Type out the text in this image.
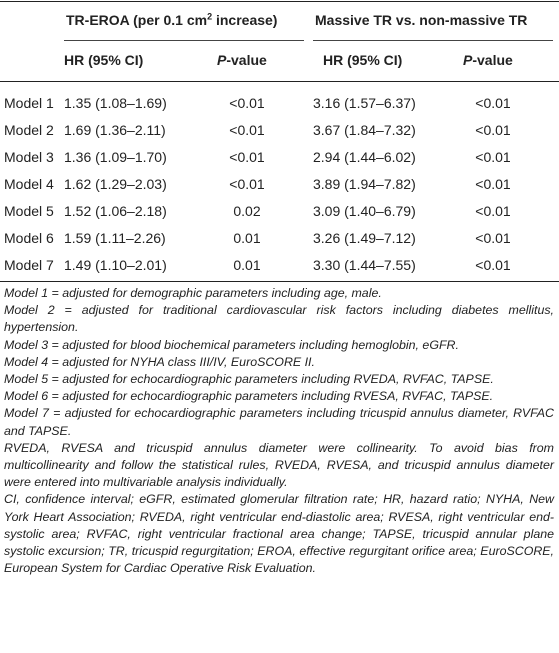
TR-EROA (per 0.1 $cm^2$ increase)	Massive TR vs. non-massive TR
HR (95% CI)	P-value	HR (95% CI)	P-value
Model 1 1.35 (1.08–1.69)	<0.01	3.16 (1.57–6.37)	<0.01
Model 2 1.69 (1.36–2.11)	<0.01	3.67 (1.84–7.32)	<0.01
Model 3 1.36 (1.09–1.70)	<0.01	2.94 (1.44–6.02)	<0.01
Model 4 1.62 (1.29–2.03)	<0.01	3.89 (1.94–7.82)	<0.01
Model 5 1.52 (1.06–2.18)	0.02	3.09 (1.40–6.79)	<0.01
Model 6 1.59 (1.11–2.26)	0.01	3.26 (1.49–7.12)	<0.01
Model 7 1.49 (1.10–2.01)	0.01	3.30 (1.44–7.55)	<0.01

Model 1 = adjusted for demographic parameters including age, male.

Model 2 = adjusted for traditional cardiovascular risk factors including diabetes mellitus, hypertension.

Model 3 = adjusted for blood biochemical parameters including hemoglobin, eGFR.

Model 4 = adjusted for NYHA class III/IV, EuroSCORE II.

Model 5 = adjusted for echocardiographic parameters including RVEDA, RVFAC, TAPSE.

Model 6 = adjusted for echocardiographic parameters including RVESA, RVFAC, TAPSE.

Model 7 = adjusted for echocardiographic parameters including tricuspid annulus diameter, RVFAC and TAPSE.

RVEDA, RVESA and tricuspid annulus diameter were collinearity. To avoid bias from multicollinearity and follow the statistical rules, RVEDA, RVESA, and tricuspid annulus diameter were entered into multivariable analysis individually.

CI, confidence interval; eGFR, estimated glomerular filtration rate; HR, hazard ratio; NYHA, New York Heart Association; RVEDA, right ventricular end-diastolic area; RVESA, right ventricular end-systolic area; RVFAC, right ventricular fractional area change; TAPSE, tricuspid annular plane systolic excursion; TR, tricuspid regurgitation; EROA, effective regurgitant orifice area; EuroSCORE, European System for Cardiac Operative Risk Evaluation.
